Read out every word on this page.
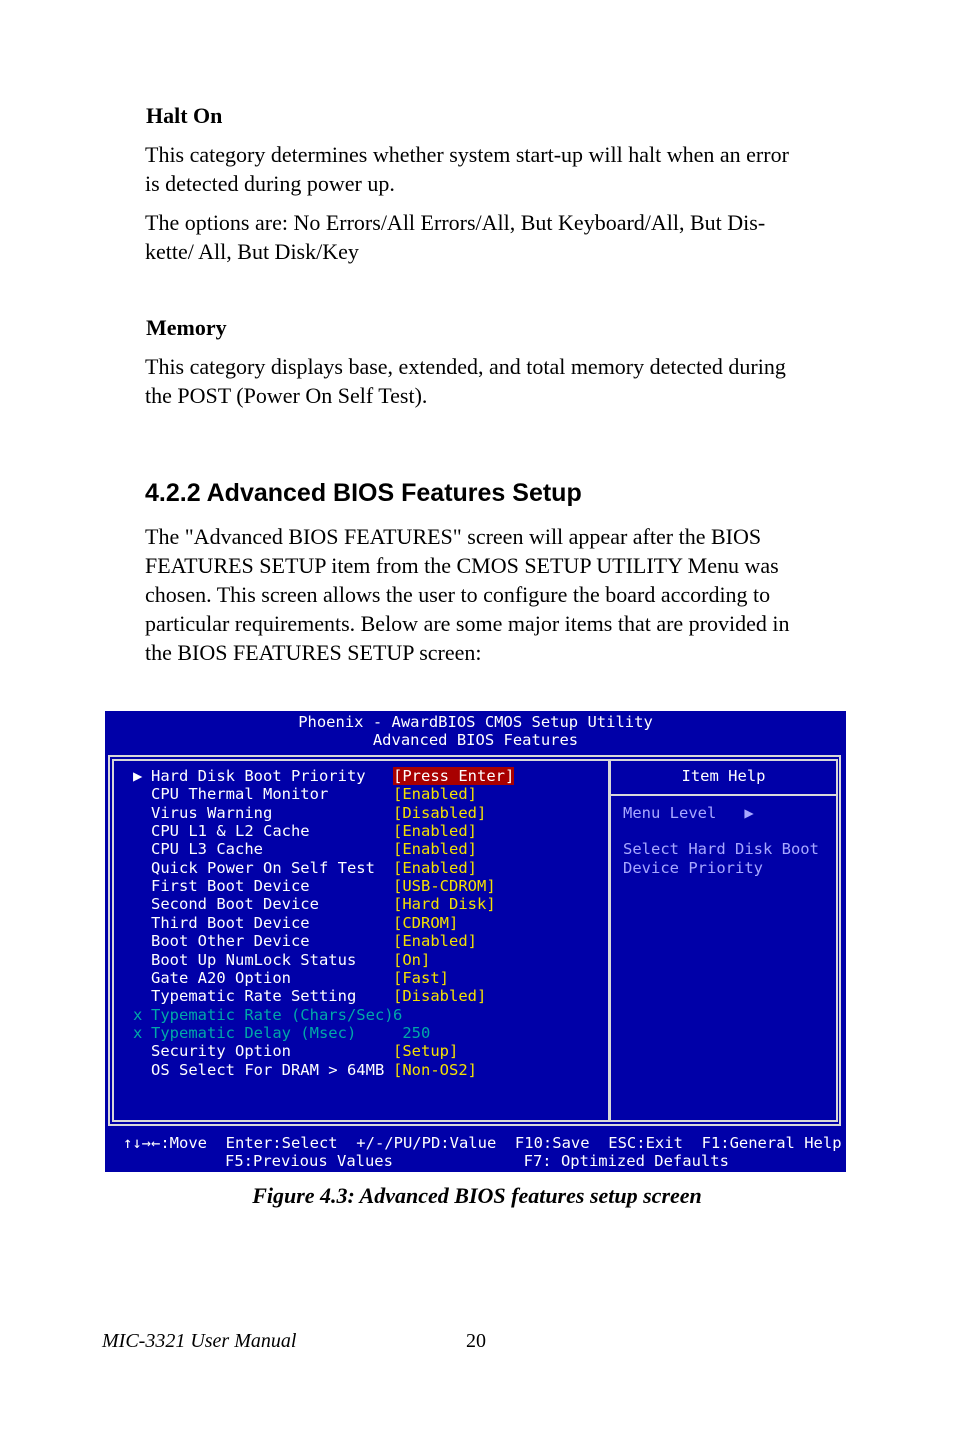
Halt On

This category determines whether system start-up will halt when an error
is detected during power up.

The options are: No Errors/All Errors/All, But Keyboard/All, But Dis-
kette/ All, But Disk/Key

Memory

This category displays base, extended, and total memory detected during
the POST (Power On Self Test).

4.2.2 Advanced BIOS Features Setup

The "Advanced BIOS FEATURES" screen will appear after the BIOS
FEATURES SETUP item from the CMOS SETUP UTILITY Menu was
chosen. This screen allows the user to configure the board according to
particular requirements. Below are some major items that are provided in
the BIOS FEATURES SETUP screen:

Phoenix - AwardBIOS CMOS Setup Utility
Advanced BIOS Features
▶ Hard Disk Boot Priority [Press Enter]
CPU Thermal Monitor	[Enabled]
Virus Warning	[Disabled]
CPU L1 & L2 Cache	[Enabled]
CPU L3 Cache	[Enabled]
Quick Power On Self Test [Enabled]
First Boot Device	[USB-CDROM]
Second Boot Device	[Hard Disk]
Third Boot Device	[CDROM]
Boot Other Device	[Enabled]
Boot Up NumLock Status [On]
Gate A20 Option	[Fast]
Typematic Rate Setting [Disabled]
x Typematic Rate (Chars/Sec) 6
x Typematic Delay (Msec) 250
Security Option	[Setup]
OS Select For DRAM > 64MB [Non-OS2]
Item Help
Menu Level   ▶
Select Hard Disk Boot
Device Priority
↑↓→←:Move  Enter:Select  +/-/PU/PD:Value  F10:Save  ESC:Exit  F1:General Help
F5:Previous Values              F7: Optimized Defaults

Figure 4.3: Advanced BIOS features setup screen

MIC-3321 User Manual	20
